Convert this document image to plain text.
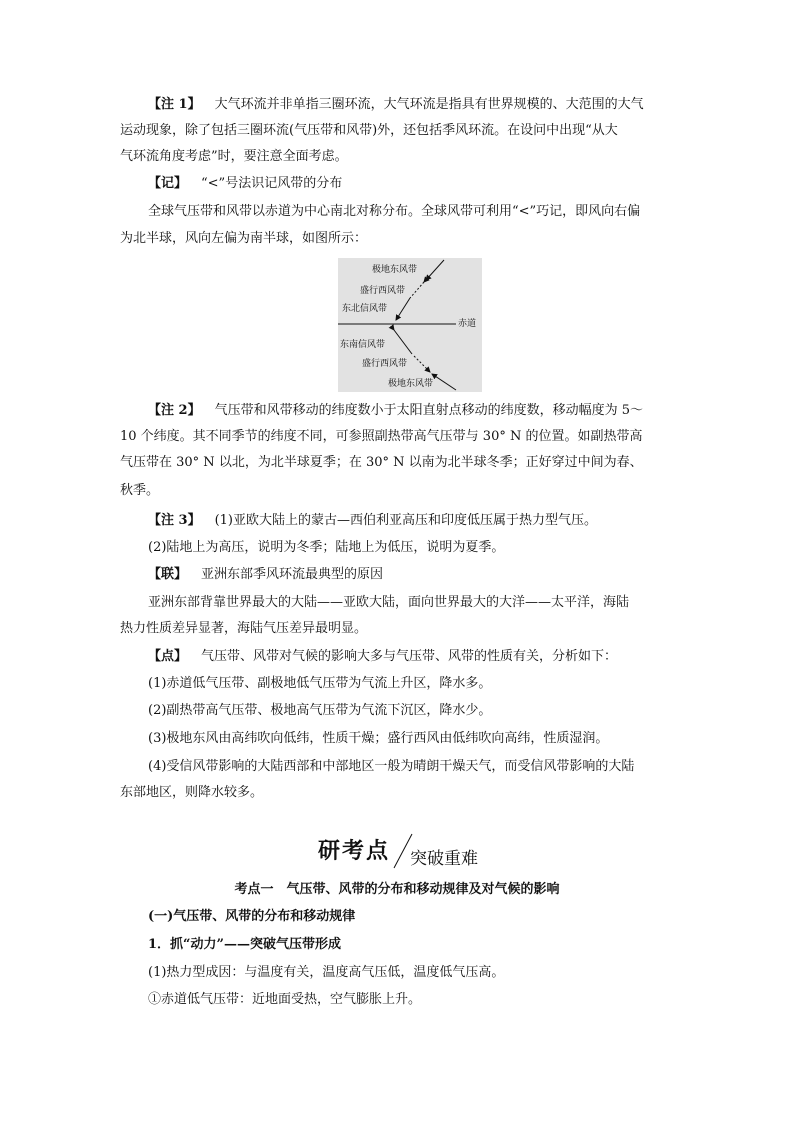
【注 1】 大气环流并非单指三圈环流，大气环流是指具有世界规模的、大范围的大气
运动现象，除了包括三圈环流(气压带和风带)外，还包括季风环流。在设问中出现“从大
气环流角度考虑”时，要注意全面考虑。
【记】 “<”号法识记风带的分布
全球气压带和风带以赤道为中心南北对称分布。全球风带可利用“<”巧记，即风向右偏
为北半球，风向左偏为南半球，如图所示：
极地东风带
盛行西风带
东北信风带
赤道
东南信风带
盛行西风带
极地东风带
【注 2】 气压带和风带移动的纬度数小于太阳直射点移动的纬度数，移动幅度为 5～
10 个纬度。其不同季节的纬度不同，可参照副热带高气压带与 30° N 的位置。如副热带高
气压带在 30° N 以北，为北半球夏季；在 30° N 以南为北半球冬季；正好穿过中间为春、
秋季。
【注 3】 (1)亚欧大陆上的蒙古—西伯利亚高压和印度低压属于热力型气压。
(2)陆地上为高压，说明为冬季；陆地上为低压，说明为夏季。
【联】 亚洲东部季风环流最典型的原因
亚洲东部背靠世界最大的大陆——亚欧大陆，面向世界最大的大洋——太平洋，海陆
热力性质差异显著，海陆气压差异最明显。
【点】 气压带、风带对气候的影响大多与气压带、风带的性质有关，分析如下：
(1)赤道低气压带、副极地低气压带为气流上升区，降水多。
(2)副热带高气压带、极地高气压带为气流下沉区，降水少。
(3)极地东风由高纬吹向低纬，性质干燥；盛行西风由低纬吹向高纬，性质湿润。
(4)受信风带影响的大陆西部和中部地区一般为晴朗干燥天气，而受信风带影响的大陆
东部地区，则降水较多。
研考点 突破重难
考点一　气压带、风带的分布和移动规律及对气候的影响
(一)气压带、风带的分布和移动规律
1．抓“动力”——突破气压带形成
(1)热力型成因：与温度有关，温度高气压低，温度低气压高。
①赤道低气压带：近地面受热，空气膨胀上升。
